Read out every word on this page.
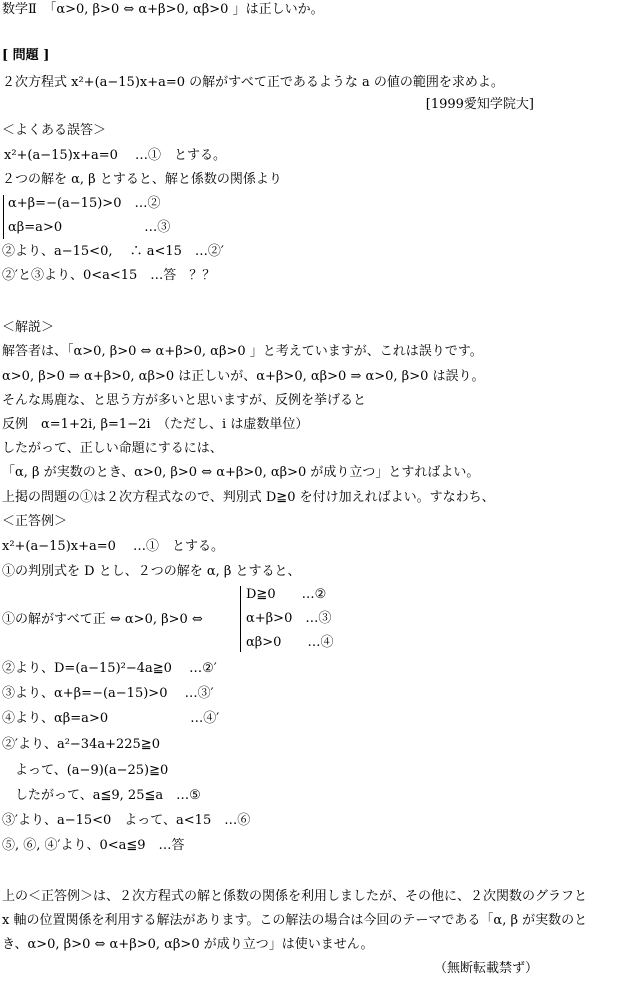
数学Ⅱ　「α>0, β>0 ⇔ α+β>0, αβ>0 」は正しいか。
[ 問題 ]
２次方程式 x²+(a−15)x+a=0 の解がすべて正であるような a の値の範囲を求めよ。
[1999愛知学院大]
＜よくある誤答＞
x²+(a−15)x+a=0　 …①　とする。
２つの解を α, β とすると、解と係数の関係より
α+β=−(a−15)>0　…②
αβ=a>0　　　　　　 …③
②より、a−15<0, 　∴ a<15　…②′
②′と③より、0<a<15　…答　？？
＜解説＞
解答者は、「α>0, β>0 ⇔ α+β>0, αβ>0 」と考えていますが、これは誤りです。
α>0, β>0 ⇒ α+β>0, αβ>0 は正しいが、α+β>0, αβ>0 ⇒ α>0, β>0 は誤り。
そんな馬鹿な、と思う方が多いと思いますが、反例を挙げると
反例　α=1+2i, β=1−2i　（ただし、i は虚数単位）
したがって、正しい命題にするには、
「α, β が実数のとき、α>0, β>0 ⇔ α+β>0, αβ>0 が成り立つ」とすればよい。
上掲の問題の①は２次方程式なので、判別式 D≧0 を付け加えればよい。すなわち、
＜正答例＞
x²+(a−15)x+a=0　 …①　とする。
①の判別式を D とし、２つの解を α, β とすると、
①の解がすべて正 ⇔ α>0, β>0 ⇔
D≧0　　…②
α+β>0　…③
αβ>0　　…④
②より、D=(a−15)²−4a≧0　 …②′
③より、α+β=−(a−15)>0　 …③′
④より、αβ=a>0　　　　　　 …④′
②′より、a²−34a+225≧0
　よって、(a−9)(a−25)≧0
　したがって、a≦9, 25≦a　…⑤
③′より、a−15<0　よって、a<15　…⑥
⑤, ⑥, ④′より、0<a≦9　…答
上の＜正答例＞は、２次方程式の解と係数の関係を利用しましたが、その他に、２次関数のグラフと
x 軸の位置関係を利用する解法があります。この解法の場合は今回のテーマである「α, β が実数のと
き、α>0, β>0 ⇔ α+β>0, αβ>0 が成り立つ」は使いません。
（無断転載禁ず）
